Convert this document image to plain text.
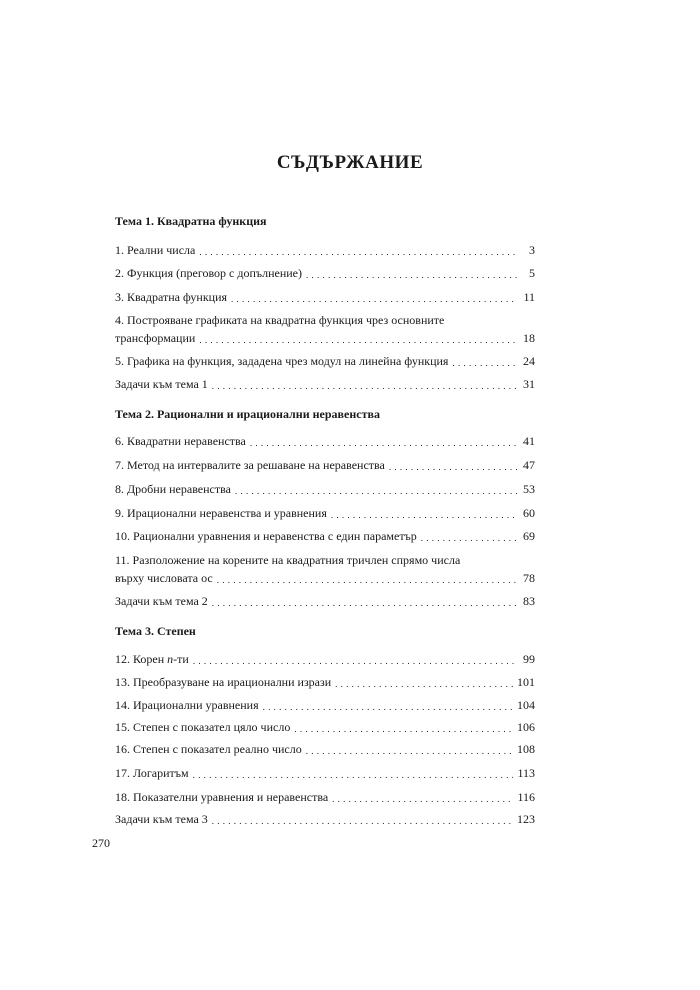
СЪДЪРЖАНИЕ
Тема 1. Квадратна функция
1. Реални числа . . .	3
2. Функция (преговор с допълнение) . . .	5
3. Квадратна функция . . .	11
4. Построяване графиката на квадратна функция чрез основните
трансформации . . .	18
5. Графика на функция, зададена чрез модул на линейна функция . . .	24
Задачи към тема 1 . . .	31
Тема 2. Рационални и ирационални неравенства
6. Квадратни неравенства . . .	41
7. Метод на интервалите за решаване на неравенства . . .	47
8. Дробни неравенства . . .	53
9. Ирационални неравенства и уравнения . . .	60
10. Рационални уравнения и неравенства с един параметър . . .	69
11. Разположение на корените на квадратния тричлен спрямо числа
върху числовата ос . . .	78
Задачи към тема 2 . . .	83
Тема 3. Степен
12. Корен n-ти . . .	99
13. Преобразуване на ирационални изрази . . .	101
14. Ирационални уравнения . . .	104
15. Степен с показател цяло число . . .	106
16. Степен с показател реално число . . .	108
17. Логаритъм . . .	113
18. Показателни уравнения и неравенства . . .	116
Задачи към тема 3 . . .	123
270
